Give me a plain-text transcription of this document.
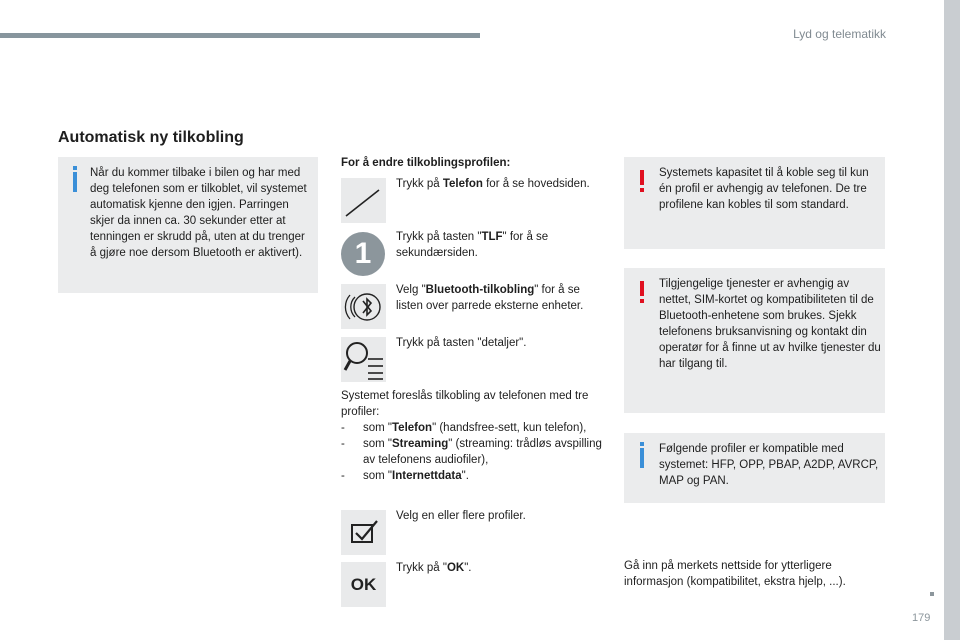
Lyd og telematikk
Automatisk ny tilkobling
Når du kommer tilbake i bilen og har med deg telefonen som er tilkoblet, vil systemet automatisk kjenne den igjen. Parringen skjer da innen ca. 30 sekunder etter at tenningen er skrudd på, uten at du trenger å gjøre noe dersom Bluetooth er aktivert).
For å endre tilkoblingsprofilen:
Trykk på Telefon for å se hovedsiden.
1	Trykk på tasten "TLF" for å se sekundærsiden.
Velg "Bluetooth-tilkobling" for å se listen over parrede eksterne enheter.
Trykk på tasten "detaljer".
Systemet foreslås tilkobling av telefonen med tre profiler:
- som "Telefon" (handsfree-sett, kun telefon),
- som "Streaming" (streaming: trådløs avspilling av telefonens audiofiler),
- som "Internettdata".
Velg en eller flere profiler.
OK
Trykk på "OK".
Systemets kapasitet til å koble seg til kun én profil er avhengig av telefonen. De tre profilene kan kobles til som standard.
Tilgjengelige tjenester er avhengig av nettet, SIM-kortet og kompatibiliteten til de Bluetooth-enhetene som brukes. Sjekk telefonens bruksanvisning og kontakt din operatør for å finne ut av hvilke tjenester du har tilgang til.
Følgende profiler er kompatible med systemet: HFP, OPP, PBAP, A2DP, AVRCP, MAP og PAN.
Gå inn på merkets nettside for ytterligere informasjon (kompatibilitet, ekstra hjelp, ...).
179
